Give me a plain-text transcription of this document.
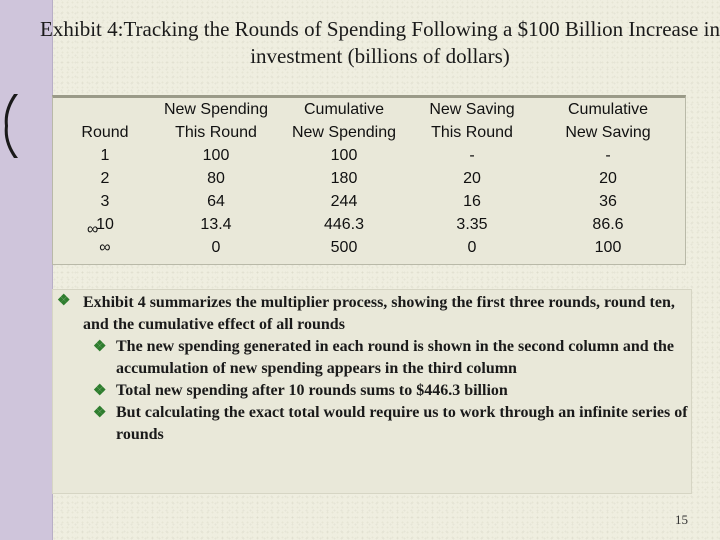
Exhibit 4:Tracking the Rounds of Spending Following a $100 Billion Increase in investment (billions of dollars)
	New Spending	Cumulative	New Saving	Cumulative
Round	This Round	New Spending	This Round	New Saving
1	100	100	-	-
2	80	180	20	20
3	64	244	16	36
10	13.4	446.3	3.35	86.6
∞	0	500	0	100
∞
❖ Exhibit 4 summarizes the multiplier process, showing the first three rounds, round ten, and the cumulative effect of all rounds
❖ The new spending generated in each round is shown in the second column and the accumulation of new spending appears in the third column
❖ Total new spending after 10 rounds sums to $446.3 billion
❖ But calculating the exact total would require us to work through an infinite series of rounds
15
